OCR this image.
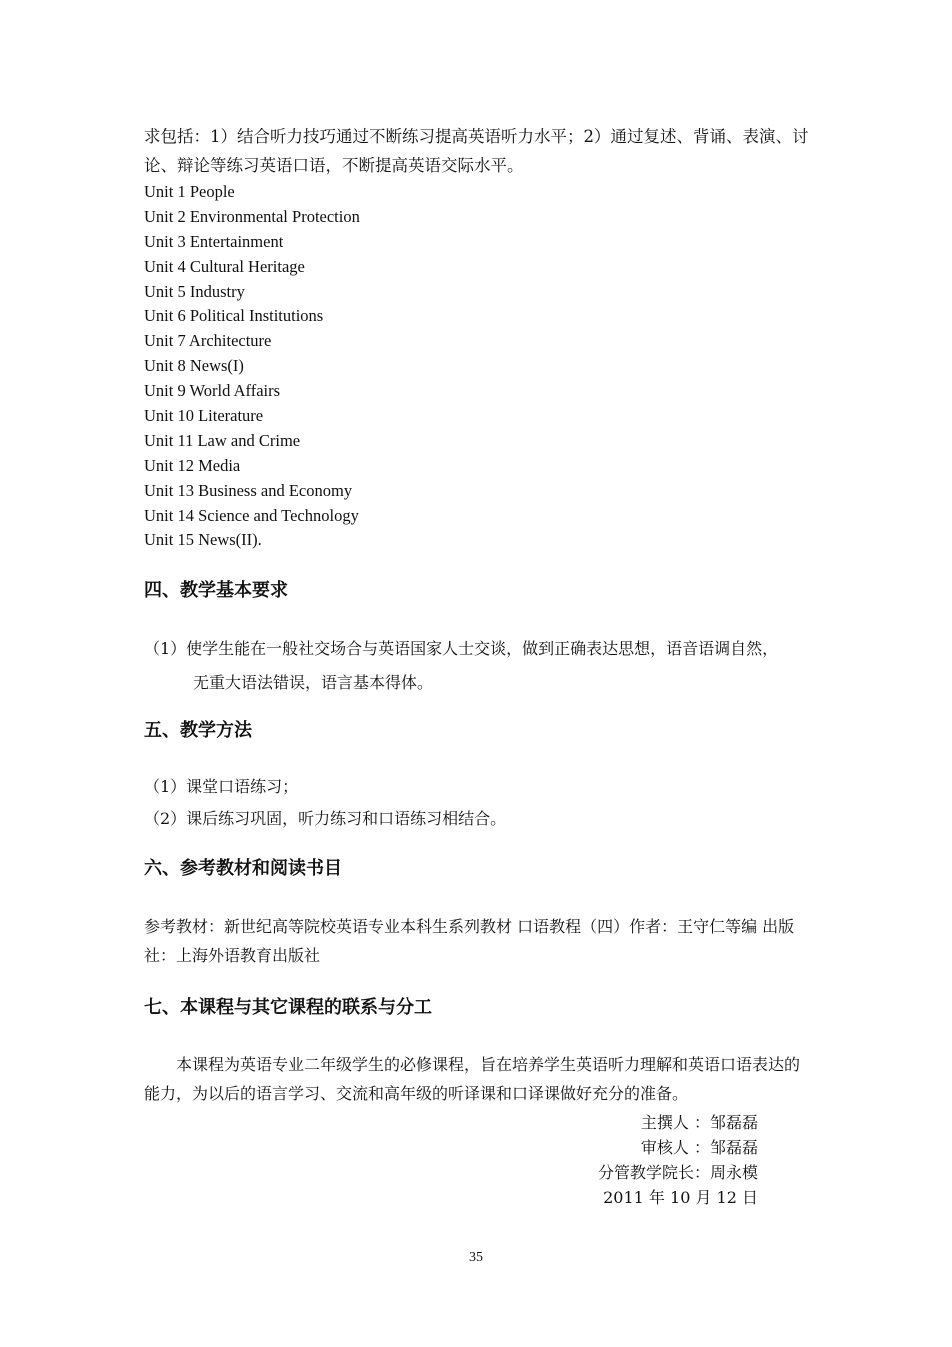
求包括：1）结合听力技巧通过不断练习提高英语听力水平；2）通过复述、背诵、表演、讨论、辩论等练习英语口语，不断提高英语交际水平。

Unit 1 People
Unit 2 Environmental Protection
Unit 3 Entertainment
Unit 4 Cultural Heritage
Unit 5 Industry
Unit 6 Political Institutions
Unit 7 Architecture
Unit 8 News(I)
Unit 9 World Affairs
Unit 10 Literature
Unit 11 Law and Crime
Unit 12 Media
Unit 13 Business and Economy
Unit 14 Science and Technology
Unit 15 News(II).
四、教学基本要求

（1）使学生能在一般社交场合与英语国家人士交谈，做到正确表达思想，语音语调自然，

无重大语法错误，语言基本得体。

五、教学方法

（1）课堂口语练习；

（2）课后练习巩固，听力练习和口语练习相结合。

六、参考教材和阅读书目

参考教材：新世纪高等院校英语专业本科生系列教材 口语教程（四）作者：王守仁等编 出版社：上海外语教育出版社

七、本课程与其它课程的联系与分工

本课程为英语专业二年级学生的必修课程，旨在培养学生英语听力理解和英语口语表达的能力，为以后的语言学习、交流和高年级的听译课和口译课做好充分的准备。

主撰人 ：邹磊磊
审核人 ：邹磊磊
分管教学院长：周永模
2011 年 10 月 12 日
35
